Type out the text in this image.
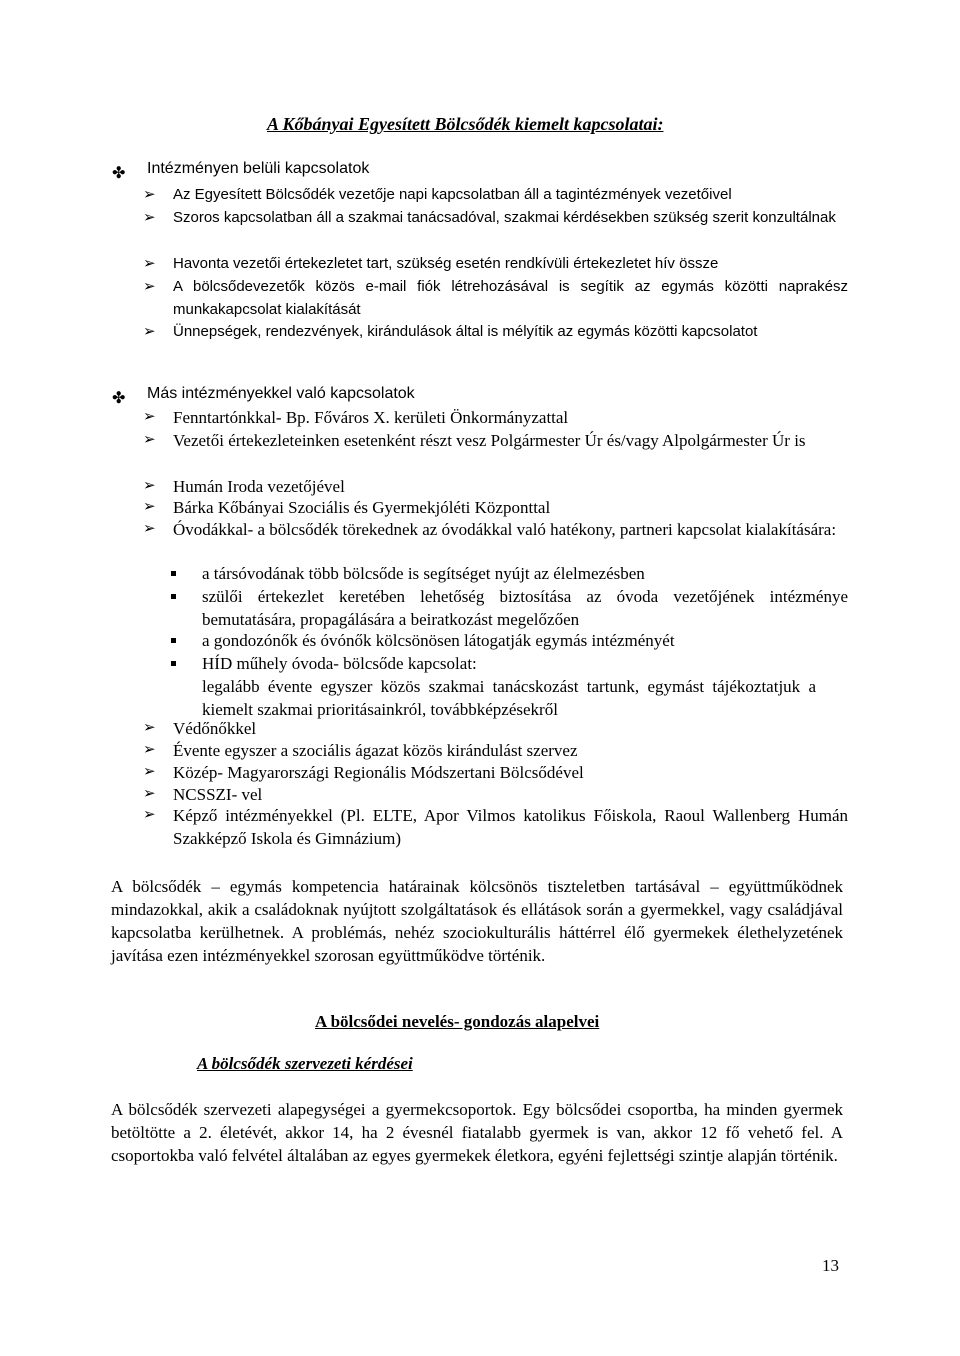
A Kőbányai Egyesített Bölcsődék kiemelt kapcsolatai:
✤ Intézményen belüli kapcsolatok
➢	Az Egyesített Bölcsődék vezetője napi kapcsolatban áll a tagintézmények vezetőivel
➢	Szoros kapcsolatban áll a szakmai tanácsadóval, szakmai kérdésekben szükség szerit konzultálnak
➢	Havonta vezetői értekezletet tart, szükség esetén rendkívüli értekezletet hív össze
➢	A bölcsődevezetők közös e-mail fiók létrehozásával is segítik az egymás közötti naprakész munkakapcsolat kialakítását
➢	Ünnepségek, rendezvények, kirándulások által is mélyítik az egymás közötti kapcsolatot
✤ Más intézményekkel való kapcsolatok
➢	Fenntartónkkal- Bp. Főváros X. kerületi Önkormányzattal
➢	Vezetői értekezleteinken esetenként részt vesz Polgármester Úr és/vagy Alpolgármester Úr is
➢	Humán Iroda vezetőjével
➢	Bárka Kőbányai Szociális és Gyermekjóléti Központtal
➢	Óvodákkal- a bölcsődék törekednek az óvodákkal való hatékony, partneri kapcsolat kialakítására:
a társóvodának több bölcsőde is segítséget nyújt az élelmezésben
szülői értekezlet keretében lehetőség biztosítása az óvoda vezetőjének intézménye bemutatására, propagálására a beiratkozást megelőzően
a gondozónők és óvónők kölcsönösen látogatják egymás intézményét
HÍD műhely óvoda- bölcsőde kapcsolat:
legalább évente egyszer közös szakmai tanácskozást tartunk, egymást tájékoztatjuk a kiemelt szakmai prioritásainkról, továbbképzésekről
➢	Védőnőkkel
➢	Évente egyszer a szociális ágazat közös kirándulást szervez
➢	Közép- Magyarországi Regionális Módszertani Bölcsődével
➢	NCSSZI- vel
➢	Képző intézményekkel (Pl. ELTE, Apor Vilmos katolikus Főiskola, Raoul Wallenberg Humán Szakképző Iskola és Gimnázium)
A bölcsődék – egymás kompetencia határainak kölcsönös tiszteletben tartásával – együttműködnek mindazokkal, akik a családoknak nyújtott szolgáltatások és ellátások során a gyermekkel, vagy családjával kapcsolatba kerülhetnek. A problémás, nehéz szociokulturális háttérrel élő gyermekek élethelyzetének javítása ezen intézményekkel szorosan együttműködve történik.
A bölcsődei nevelés- gondozás alapelvei
A bölcsődék szervezeti kérdései
A bölcsődék szervezeti alapegységei a gyermekcsoportok. Egy bölcsődei csoportba, ha minden gyermek betöltötte a 2. életévét, akkor 14, ha 2 évesnél fiatalabb gyermek is van, akkor 12 fő vehető fel. A csoportokba való felvétel általában az egyes gyermekek életkora, egyéni fejlettségi szintje alapján történik.
13
